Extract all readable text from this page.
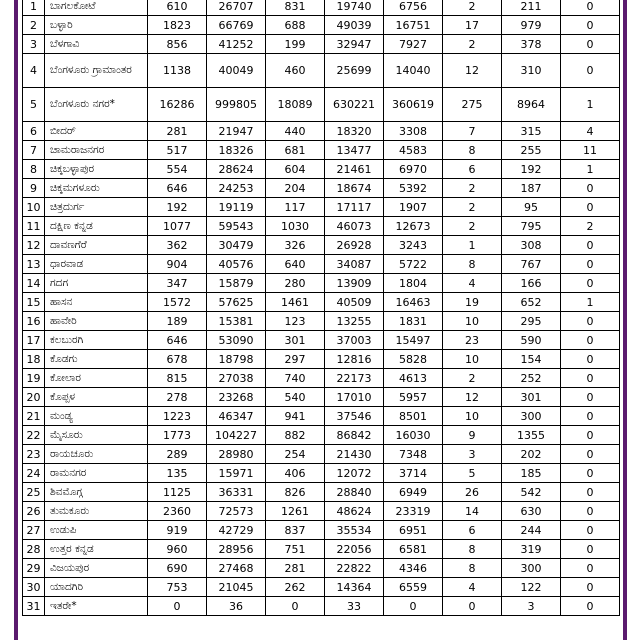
1	ಬಾಗಲಕೋಟೆ	610	26707	831	19740	6756	2	211	0
2	ಬಳ್ಳಾರಿ	1823	66769	688	49039	16751	17	979	0
3	ಬೆಳಗಾವಿ	856	41252	199	32947	7927	2	378	0
4	ಬೆಂಗಳೂರು ಗ್ರಾಮಾಂತರ	1138	40049	460	25699	14040	12	310	0
5	ಬೆಂಗಳೂರು ನಗರ*	16286	999805	18089	630221	360619	275	8964	1
6	ಬೀದರ್	281	21947	440	18320	3308	7	315	4
7	ಚಾಮರಾಜನಗರ	517	18326	681	13477	4583	8	255	11
8	ಚಿಕ್ಕಬಳ್ಳಾಪುರ	554	28624	604	21461	6970	6	192	1
9	ಚಿಕ್ಕಮಗಳೂರು	646	24253	204	18674	5392	2	187	0
10	ಚಿತ್ರದುರ್ಗ	192	19119	117	17117	1907	2	95	0
11	ದಕ್ಷಿಣ ಕನ್ನಡ	1077	59543	1030	46073	12673	2	795	2
12	ದಾವಣಗೆರೆ	362	30479	326	26928	3243	1	308	0
13	ಧಾರವಾಡ	904	40576	640	34087	5722	8	767	0
14	ಗದಗ	347	15879	280	13909	1804	4	166	0
15	ಹಾಸನ	1572	57625	1461	40509	16463	19	652	1
16	ಹಾವೇರಿ	189	15381	123	13255	1831	10	295	0
17	ಕಲಬುರಗಿ	646	53090	301	37003	15497	23	590	0
18	ಕೊಡಗು	678	18798	297	12816	5828	10	154	0
19	ಕೋಲಾರ	815	27038	740	22173	4613	2	252	0
20	ಕೊಪ್ಪಳ	278	23268	540	17010	5957	12	301	0
21	ಮಂಡ್ಯ	1223	46347	941	37546	8501	10	300	0
22	ಮೈಸೂರು	1773	104227	882	86842	16030	9	1355	0
23	ರಾಯಚೂರು	289	28980	254	21430	7348	3	202	0
24	ರಾಮನಗರ	135	15971	406	12072	3714	5	185	0
25	ಶಿವಮೊಗ್ಗ	1125	36331	826	28840	6949	26	542	0
26	ತುಮಕೂರು	2360	72573	1261	48624	23319	14	630	0
27	ಉಡುಪಿ	919	42729	837	35534	6951	6	244	0
28	ಉತ್ತರ ಕನ್ನಡ	960	28956	751	22056	6581	8	319	0
29	ವಿಜಯಪುರ	690	27468	281	22822	4346	8	300	0
30	ಯಾದಗಿರಿ	753	21045	262	14364	6559	4	122	0
31	ಇತರೇ*	0	36	0	33	0	0	3	0
